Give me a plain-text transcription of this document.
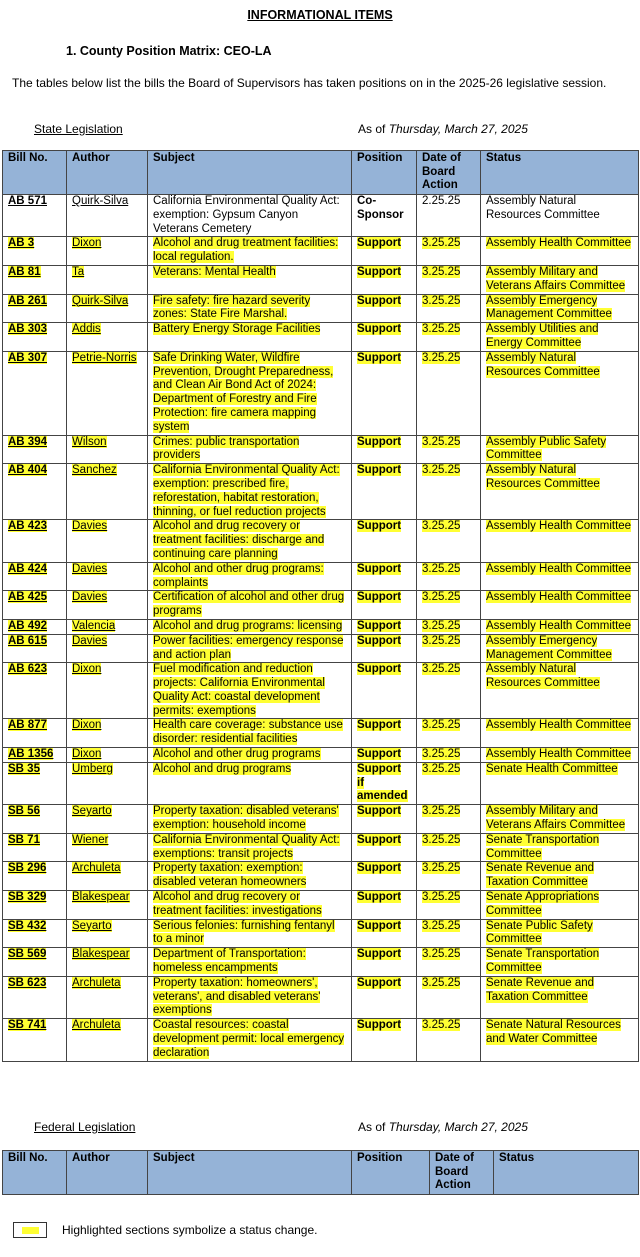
INFORMATIONAL ITEMS
1. County Position Matrix: CEO-LA
The tables below list the bills the Board of Supervisors has taken positions on in the 2025-26 legislative session.
State Legislation	As of Thursday, March 27, 2025
Bill No.	Author	Subject	Position	Date of Board Action	Status
AB 571	Quirk-Silva	California Environmental Quality Act: exemption: Gypsum Canyon Veterans Cemetery	Co-Sponsor	2.25.25	Assembly Natural Resources Committee
AB 3	Dixon	Alcohol and drug treatment facilities: local regulation.	Support	3.25.25	Assembly Health Committee
AB 81	Ta	Veterans: Mental Health	Support	3.25.25	Assembly Military and Veterans Affairs Committee
AB 261	Quirk-Silva	Fire safety: fire hazard severity zones: State Fire Marshal.	Support	3.25.25	Assembly Emergency Management Committee
AB 303	Addis	Battery Energy Storage Facilities	Support	3.25.25	Assembly Utilities and Energy Committee
AB 307	Petrie-Norris	Safe Drinking Water, Wildfire Prevention, Drought Preparedness, and Clean Air Bond Act of 2024: Department of Forestry and Fire Protection: fire camera mapping system	Support	3.25.25	Assembly Natural Resources Committee
AB 394	Wilson	Crimes: public transportation providers	Support	3.25.25	Assembly Public Safety Committee
AB 404	Sanchez	California Environmental Quality Act: exemption: prescribed fire, reforestation, habitat restoration, thinning, or fuel reduction projects	Support	3.25.25	Assembly Natural Resources Committee
AB 423	Davies	Alcohol and drug recovery or treatment facilities: discharge and continuing care planning	Support	3.25.25	Assembly Health Committee
AB 424	Davies	Alcohol and other drug programs: complaints	Support	3.25.25	Assembly Health Committee
AB 425	Davies	Certification of alcohol and other drug programs	Support	3.25.25	Assembly Health Committee
AB 492	Valencia	Alcohol and drug programs: licensing	Support	3.25.25	Assembly Health Committee
AB 615	Davies	Power facilities: emergency response and action plan	Support	3.25.25	Assembly Emergency Management Committee
AB 623	Dixon	Fuel modification and reduction projects: California Environmental Quality Act: coastal development permits: exemptions	Support	3.25.25	Assembly Natural Resources Committee
AB 877	Dixon	Health care coverage: substance use disorder: residential facilities	Support	3.25.25	Assembly Health Committee
AB 1356	Dixon	Alcohol and other drug programs	Support	3.25.25	Assembly Health Committee
SB 35	Umberg	Alcohol and drug programs	Support if amended	3.25.25	Senate Health Committee
SB 56	Seyarto	Property taxation: disabled veterans' exemption: household income	Support	3.25.25	Assembly Military and Veterans Affairs Committee
SB 71	Wiener	California Environmental Quality Act: exemptions: transit projects	Support	3.25.25	Senate Transportation Committee
SB 296	Archuleta	Property taxation: exemption: disabled veteran homeowners	Support	3.25.25	Senate Revenue and Taxation Committee
SB 329	Blakespear	Alcohol and drug recovery or treatment facilities: investigations	Support	3.25.25	Senate Appropriations Committee
SB 432	Seyarto	Serious felonies: furnishing fentanyl to a minor	Support	3.25.25	Senate Public Safety Committee
SB 569	Blakespear	Department of Transportation: homeless encampments	Support	3.25.25	Senate Transportation Committee
SB 623	Archuleta	Property taxation: homeowners', veterans', and disabled veterans' exemptions	Support	3.25.25	Senate Revenue and Taxation Committee
SB 741	Archuleta	Coastal resources: coastal development permit: local emergency declaration	Support	3.25.25	Senate Natural Resources and Water Committee
Federal Legislation	As of Thursday, March 27, 2025
Bill No.	Author	Subject	Position	Date of Board Action	Status
Highlighted sections symbolize a status change.
